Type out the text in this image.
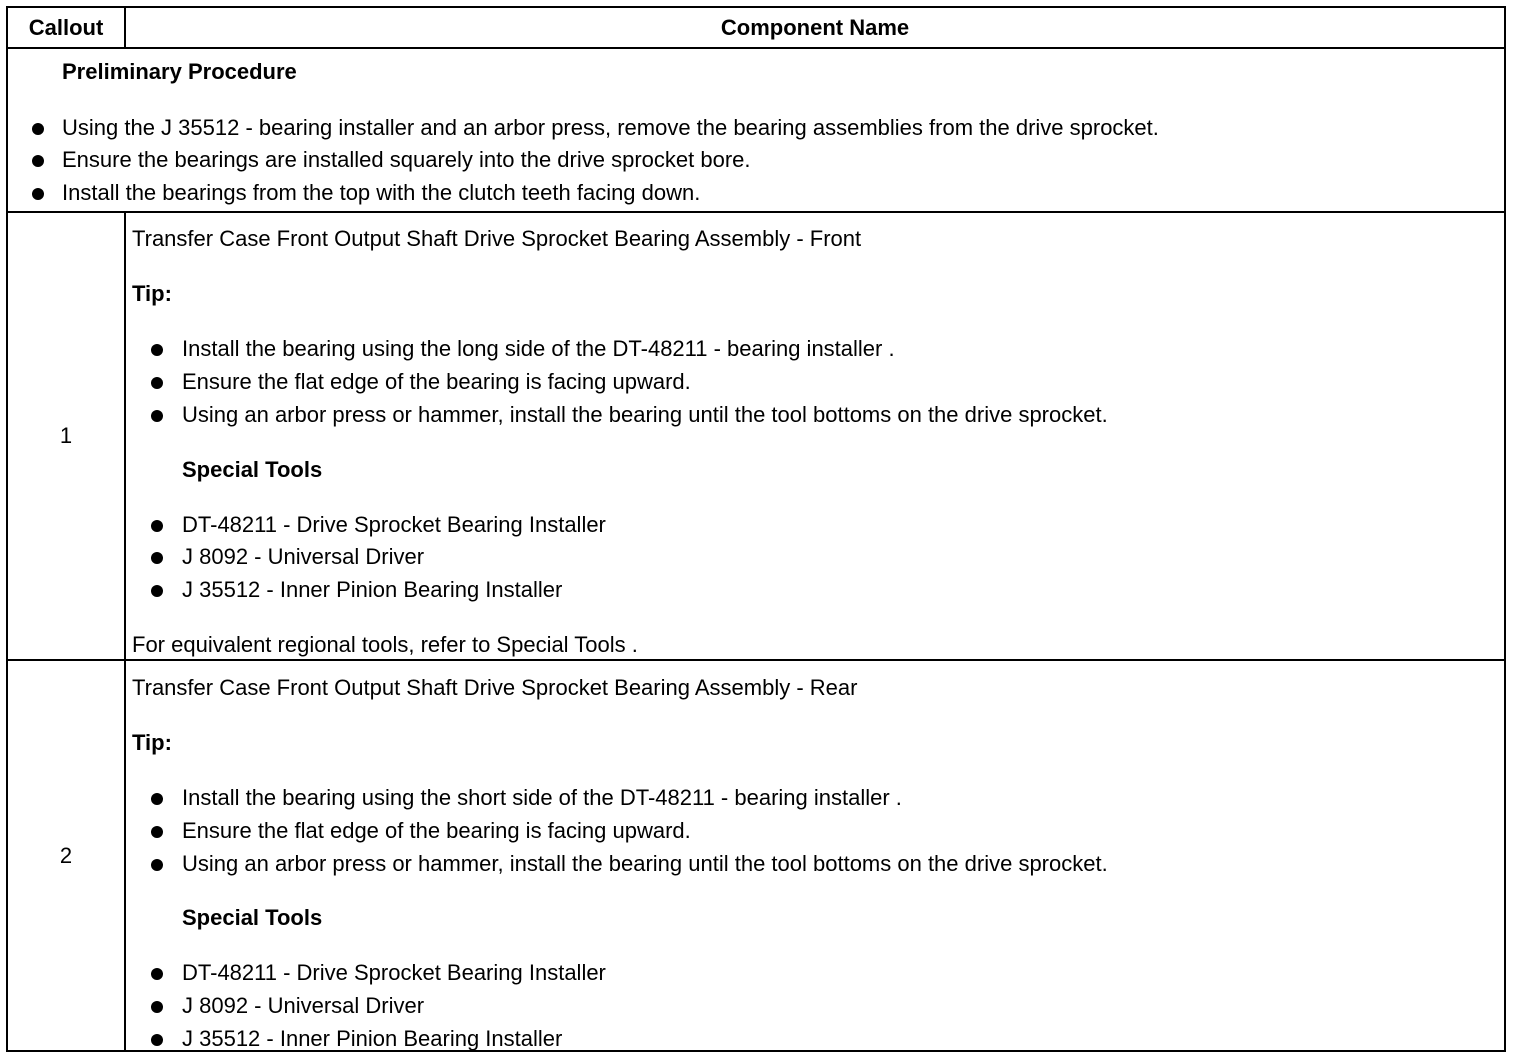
Callout	Component Name
Preliminary Procedure
Using the J 35512 - bearing installer and an arbor press, remove the bearing assemblies from the drive sprocket.
Ensure the bearings are installed squarely into the drive sprocket bore.
Install the bearings from the top with the clutch teeth facing down.
1
Transfer Case Front Output Shaft Drive Sprocket Bearing Assembly - Front
Tip:
Install the bearing using the long side of the DT-48211 - bearing installer .
Ensure the flat edge of the bearing is facing upward.
Using an arbor press or hammer, install the bearing until the tool bottoms on the drive sprocket.
Special Tools
DT-48211 - Drive Sprocket Bearing Installer
J 8092 - Universal Driver
J 35512 - Inner Pinion Bearing Installer
For equivalent regional tools, refer to Special Tools .
2
Transfer Case Front Output Shaft Drive Sprocket Bearing Assembly - Rear
Tip:
Install the bearing using the short side of the DT-48211 - bearing installer .
Ensure the flat edge of the bearing is facing upward.
Using an arbor press or hammer, install the bearing until the tool bottoms on the drive sprocket.
Special Tools
DT-48211 - Drive Sprocket Bearing Installer
J 8092 - Universal Driver
J 35512 - Inner Pinion Bearing Installer
